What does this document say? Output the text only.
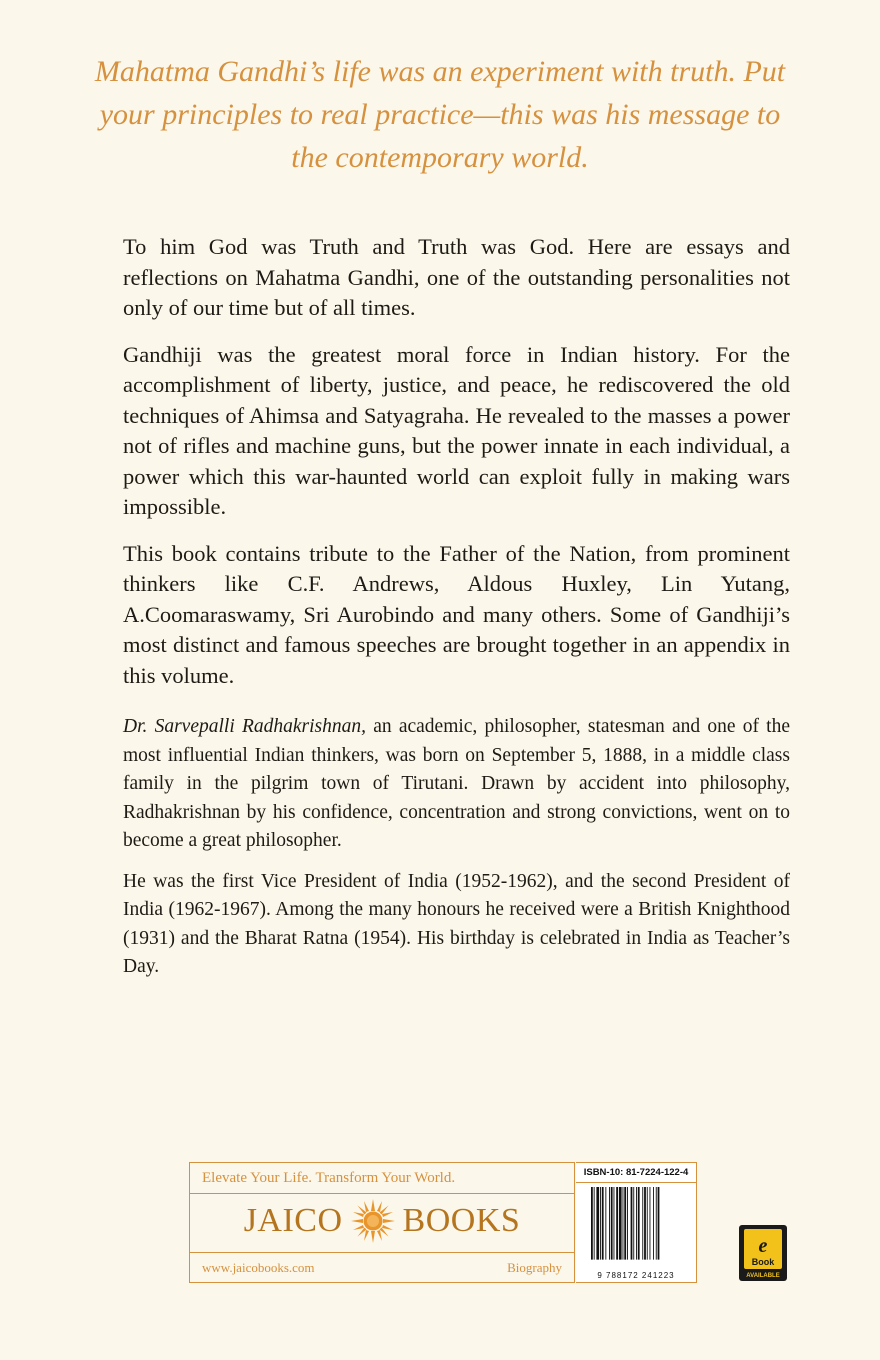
Mahatma Gandhi’s life was an experiment with truth. Put your principles to real practice—this was his message to the contemporary world.

To him God was Truth and Truth was God. Here are essays and reflections on Mahatma Gandhi, one of the outstanding personalities not only of our time but of all times.

Gandhiji was the greatest moral force in Indian history. For the accomplishment of liberty, justice, and peace, he rediscovered the old techniques of Ahimsa and Satyagraha. He revealed to the masses a power not of rifles and machine guns, but the power innate in each individual, a power which this war-haunted world can exploit fully in making wars impossible.

This book contains tribute to the Father of the Nation, from prominent thinkers like C.F. Andrews, Aldous Huxley, Lin Yutang, A.Coomaraswamy, Sri Aurobindo and many others. Some of Gandhiji’s most distinct and famous speeches are brought together in an appendix in this volume.

Dr. Sarvepalli Radhakrishnan, an academic, philosopher, statesman and one of the most influential Indian thinkers, was born on September 5, 1888, in a middle class family in the pilgrim town of Tirutani. Drawn by accident into philosophy, Radhakrishnan by his confidence, concentration and strong convictions, went on to become a great philosopher.

He was the first Vice President of India (1952-1962), and the second President of India (1962-1967). Among the many honours he received were a British Knighthood (1931) and the Bharat Ratna (1954). His birthday is celebrated in India as Teacher’s Day.

Elevate Your Life. Transform Your World.
JAICO BOOKS
www.jaicobooks.com	Biography
ISBN-10: 81-7224-122-4
9 788172 241223
e
Book
AVAILABLE
